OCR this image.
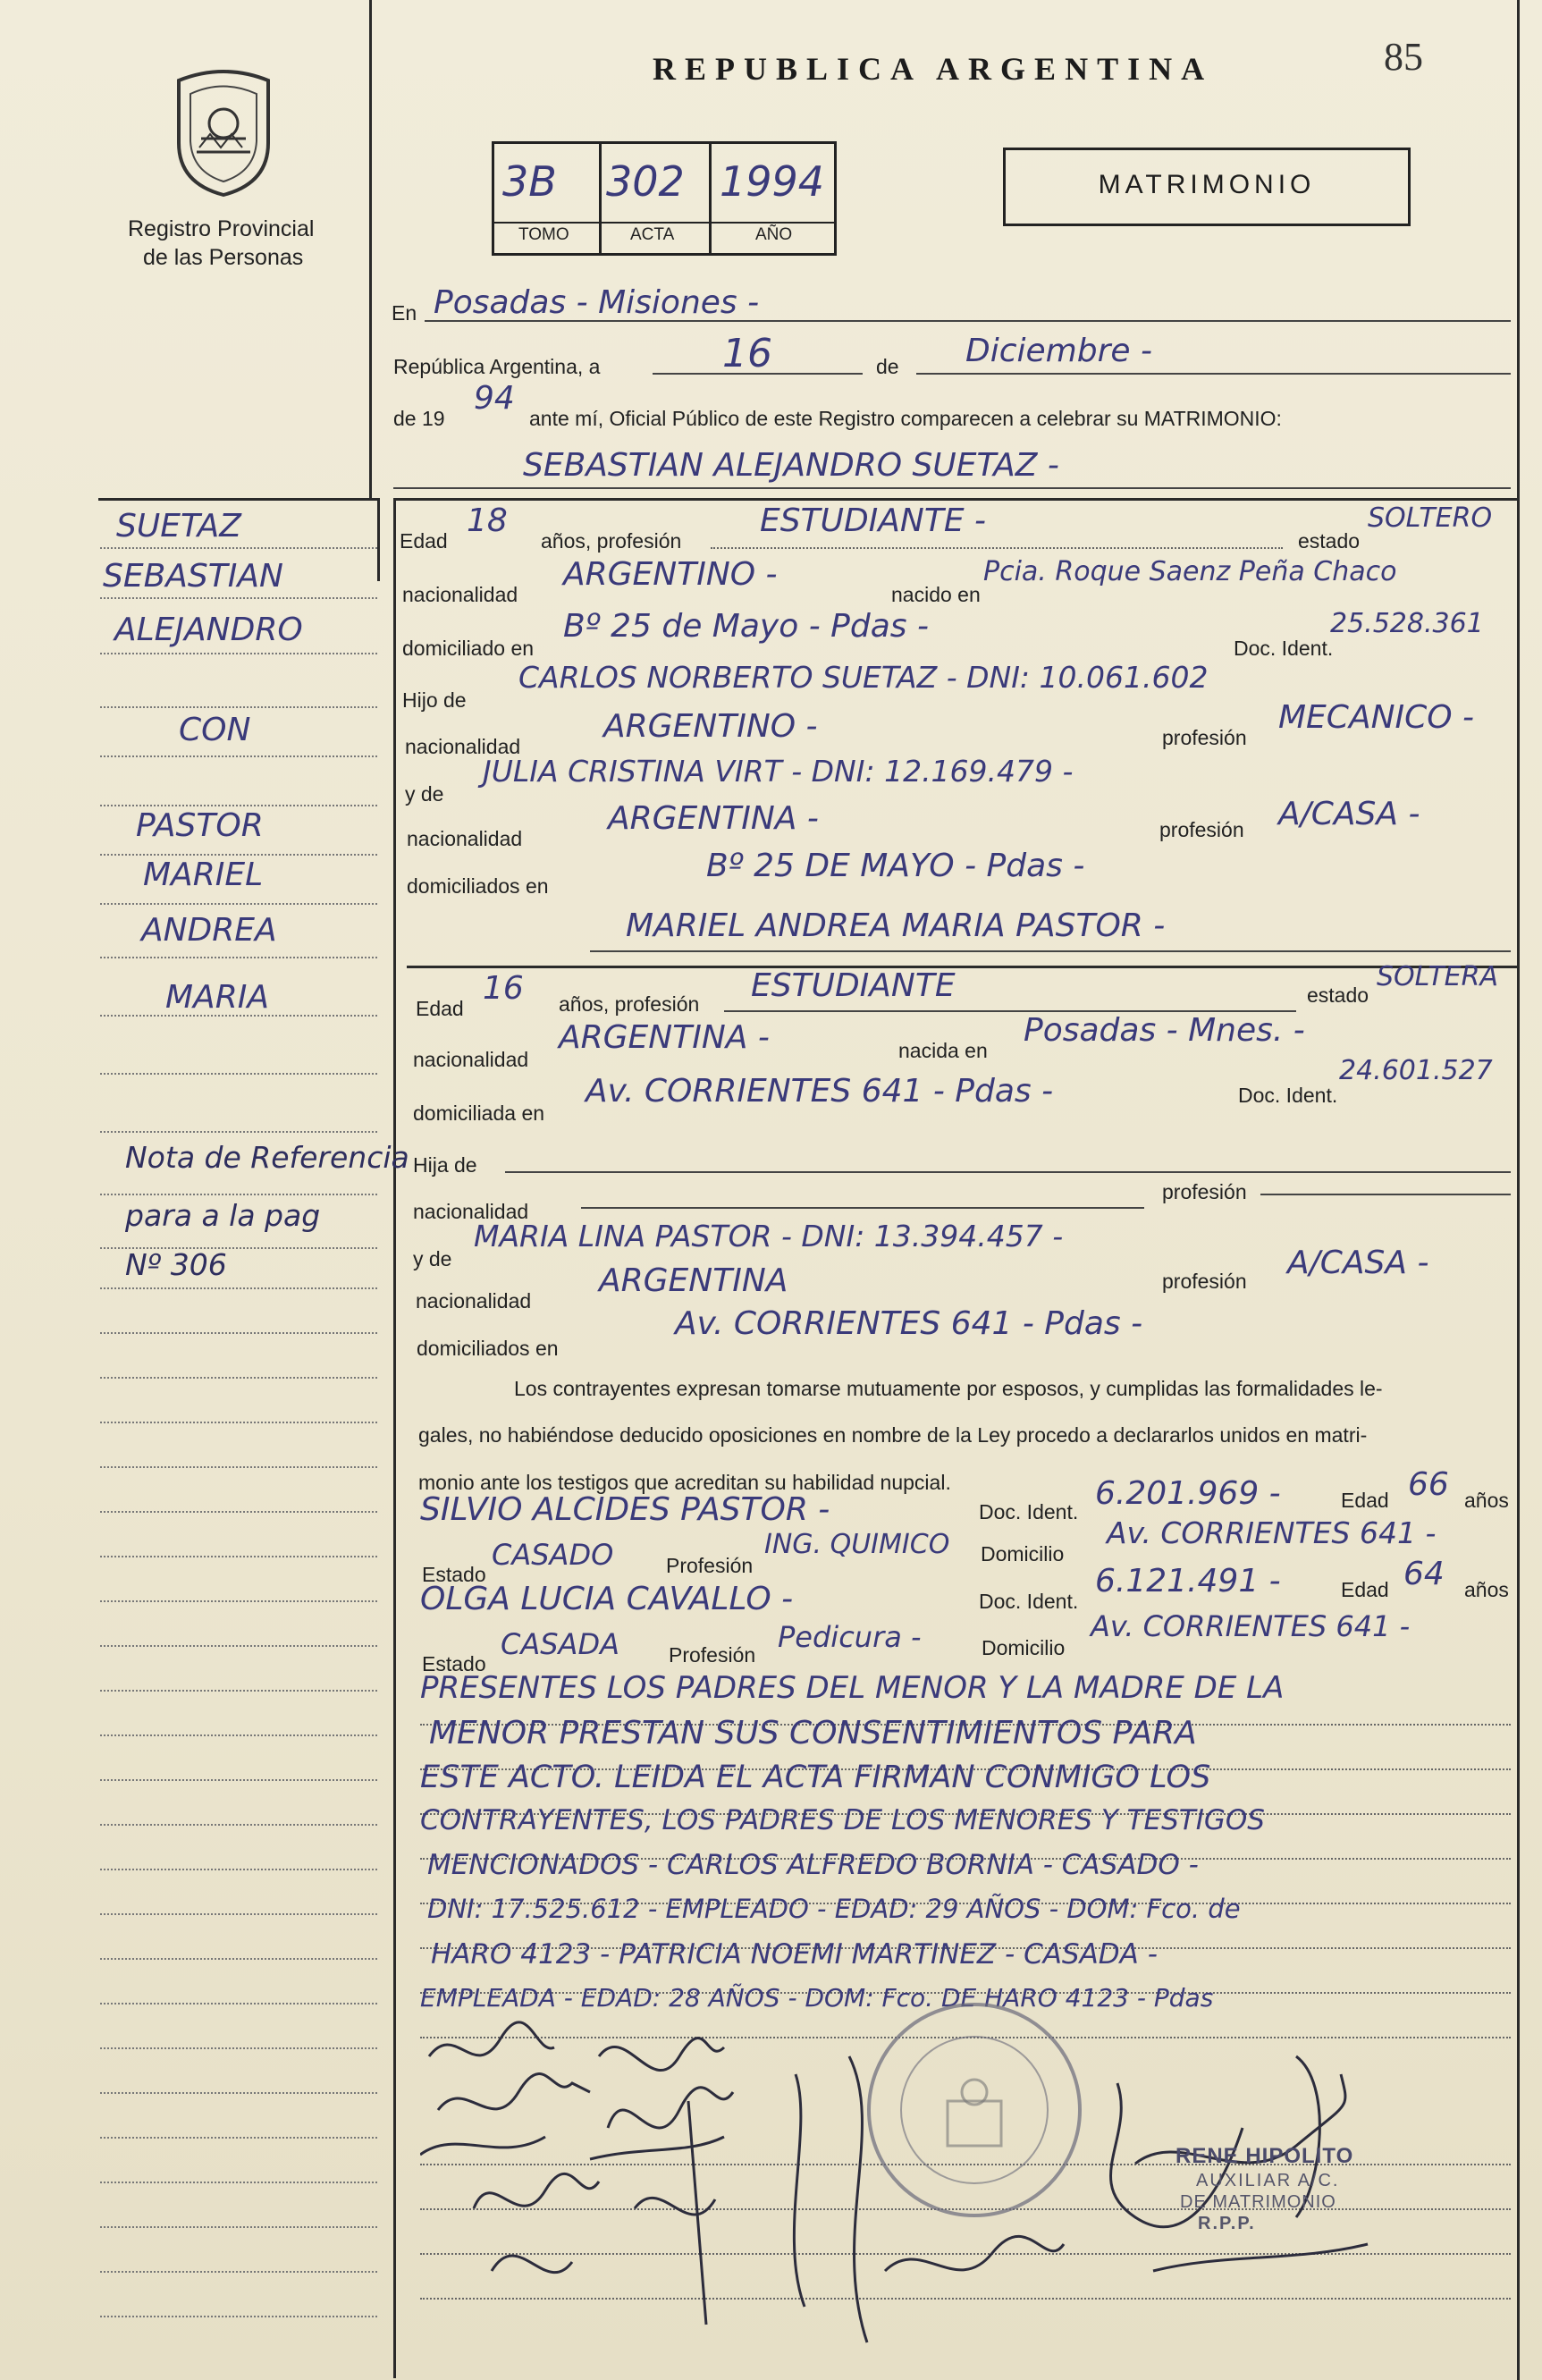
Registro Provincial
de las Personas
REPUBLICA ARGENTINA	85
3B 302 1994
TOMO	ACTA	AÑO
MATRIMONIO
En Posadas - Misiones -
República Argentina, a	16	de Diciembre -
de 19
94
ante mí, Oficial Público de este Registro comparecen a celebrar su MATRIMONIO:
SEBASTIAN ALEJANDRO SUETAZ -
SUETAZ
SEBASTIAN
ALEJANDRO
CON
PASTOR
MARIEL
ANDREA
MARIA
Nota de Referencia
para a la pag
Nº 306
Edad
18
años, profesión
ESTUDIANTE -
estado
SOLTERO
nacionalidad
ARGENTINO -
nacido en
Pcia. Roque Saenz Peña Chaco
domiciliado en
Bº 25 de Mayo - Pdas -
Doc. Ident.
25.528.361
Hijo de
CARLOS NORBERTO SUETAZ - DNI: 10.061.602
nacionalidad
ARGENTINO -	profesión
MECANICO -
y de
JULIA CRISTINA VIRT - DNI: 12.169.479 -
nacionalidad
ARGENTINA -	profesión A/CASA -
domiciliados en
Bº 25 DE MAYO - Pdas -
MARIEL ANDREA MARIA PASTOR -
Edad
16 años, profesión ESTUDIANTE	estado
SOLTERA
nacionalidad
ARGENTINA -	nacida en
Posadas - Mnes. -
domiciliada en
Av. CORRIENTES 641 - Pdas -	Doc. Ident.
24.601.527
Hija de
nacionalidad
profesión
y de
MARIA LINA PASTOR - DNI: 13.394.457 -
nacionalidad
ARGENTINA	profesión A/CASA -
domiciliados en
Av. CORRIENTES 641 - Pdas -
Los contrayentes expresan tomarse mutuamente por esposos, y cumplidas las formalidades le-
gales, no habiéndose deducido oposiciones en nombre de la Ley procedo a declararlos unidos en matri-
monio ante los testigos que acreditan su habilidad nupcial.
SILVIO ALCIDES PASTOR -	Doc. Ident. 6.201.969 -	Edad 66 años
Estado
CASADO	Profesión
ING. QUIMICO Domicilio
Av. CORRIENTES 641 -
OLGA LUCIA CAVALLO -	Doc. Ident.
6.121.491 -	Edad 64 años
Estado
CASADA Profesión
Pedicura -	Domicilio
Av. CORRIENTES 641 -
PRESENTES LOS PADRES DEL MENOR Y LA MADRE DE LA
MENOR PRESTAN SUS CONSENTIMIENTOS PARA
ESTE ACTO. LEIDA EL ACTA FIRMAN CONMIGO LOS
CONTRAYENTES, LOS PADRES DE LOS MENORES Y TESTIGOS
MENCIONADOS - CARLOS ALFREDO BORNIA - CASADO -
DNI: 17.525.612 - EMPLEADO - EDAD: 29 AÑOS - DOM: Fco. de
HARO 4123 - PATRICIA NOEMI MARTINEZ - CASADA -
EMPLEADA - EDAD: 28 AÑOS - DOM: Fco. DE HARO 4123 - Pdas
RENE HIPOLITO
AUXILIAR A/C.
DE MATRIMONIO
R.P.P.
